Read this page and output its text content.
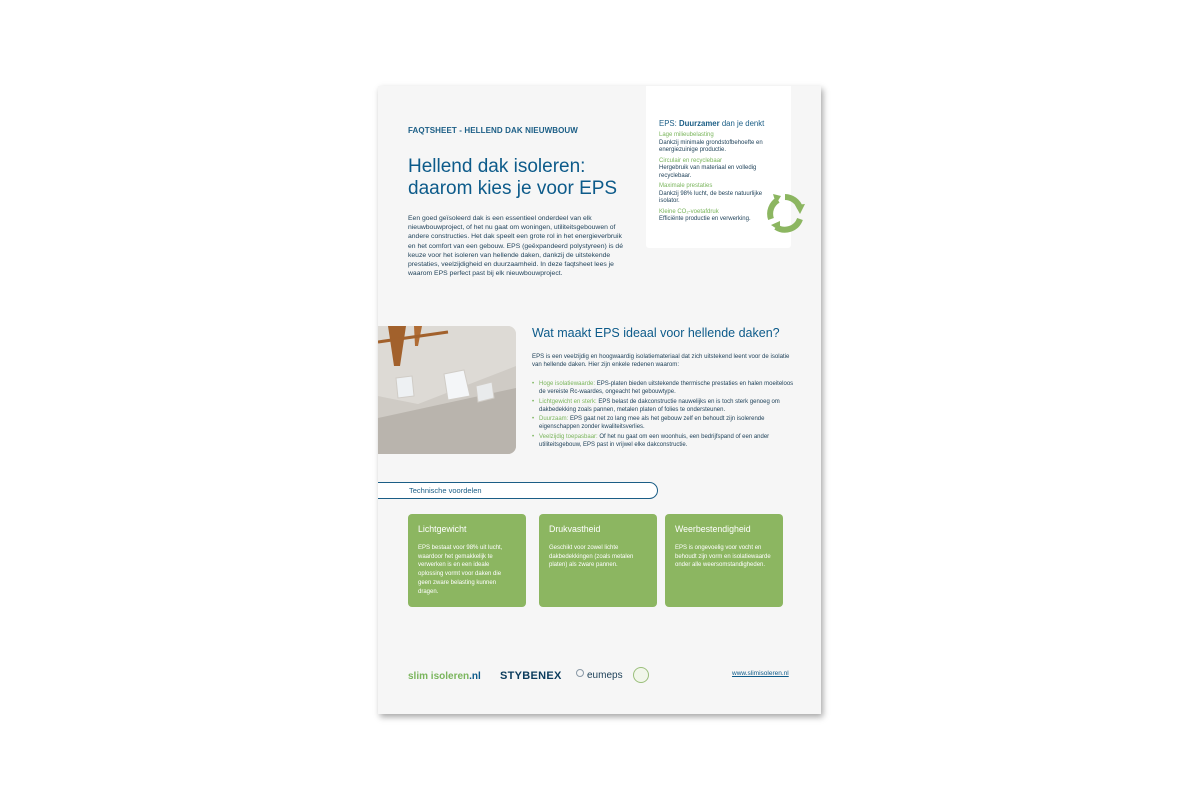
FAQTSHEET - HELLEND DAK NIEUWBOUW
Hellend dak isoleren: daarom kies je voor EPS

Een goed geïsoleerd dak is een essentieel onderdeel van elk nieuwbouwproject, of het nu gaat om woningen, utiliteitsgebouwen of andere constructies. Het dak speelt een grote rol in het energieverbruik en het comfort van een gebouw. EPS (geëxpandeerd polystyreen) is dé keuze voor het isoleren van hellende daken, dankzij de uitstekende prestaties, veelzijdigheid en duurzaamheid. In deze faqtsheet lees je waarom EPS perfect past bij elk nieuwbouwproject.

EPS: Duurzamer dan je denkt
Lage milieubelasting
Dankzij minimale grondstofbehoefte en energiezuinige productie.
Circulair en recyclebaar
Hergebruik van materiaal en volledig recyclebaar.
Maximale prestaties
Dankzij 98% lucht, de beste natuurlijke isolator.
Kleine CO₂-voetafdruk
Efficiënte productie en verwerking.
Wat maakt EPS ideaal voor hellende daken?

EPS is een veelzijdig en hoogwaardig isolatiemateriaal dat zich uitstekend leent voor de isolatie van hellende daken. Hier zijn enkele redenen waarom:

• Hoge isolatiewaarde: EPS-platen bieden uitstekende thermische prestaties en halen moeiteloos de vereiste Rc-waardes, ongeacht het gebouwtype.
• Lichtgewicht en sterk: EPS belast de dakconstructie nauwelijks en is toch sterk genoeg om dakbedekking zoals pannen, metalen platen of folies te ondersteunen.
• Duurzaam: EPS gaat net zo lang mee als het gebouw zelf en behoudt zijn isolerende eigenschappen zonder kwaliteitsverlies.
• Veelzijdig toepasbaar: Of het nu gaat om een woonhuis, een bedrijfspand of een ander utiliteitsgebouw, EPS past in vrijwel elke dakconstructie.
Technische voordelen
Lichtgewicht
EPS bestaat voor 98% uit lucht, waardoor het gemakkelijk te verwerken is en een ideale oplossing vormt voor daken die geen zware belasting kunnen dragen.
Drukvastheid
Geschikt voor zowel lichte dakbedekkingen (zoals metalen platen) als zware pannen.
Weerbestendigheid
EPS is ongevoelig voor vocht en behoudt zijn vorm en isolatiewaarde onder alle weersomstandigheden.
slim isoleren.nl STYBENEX	eumeps	www.slimisoleren.nl
